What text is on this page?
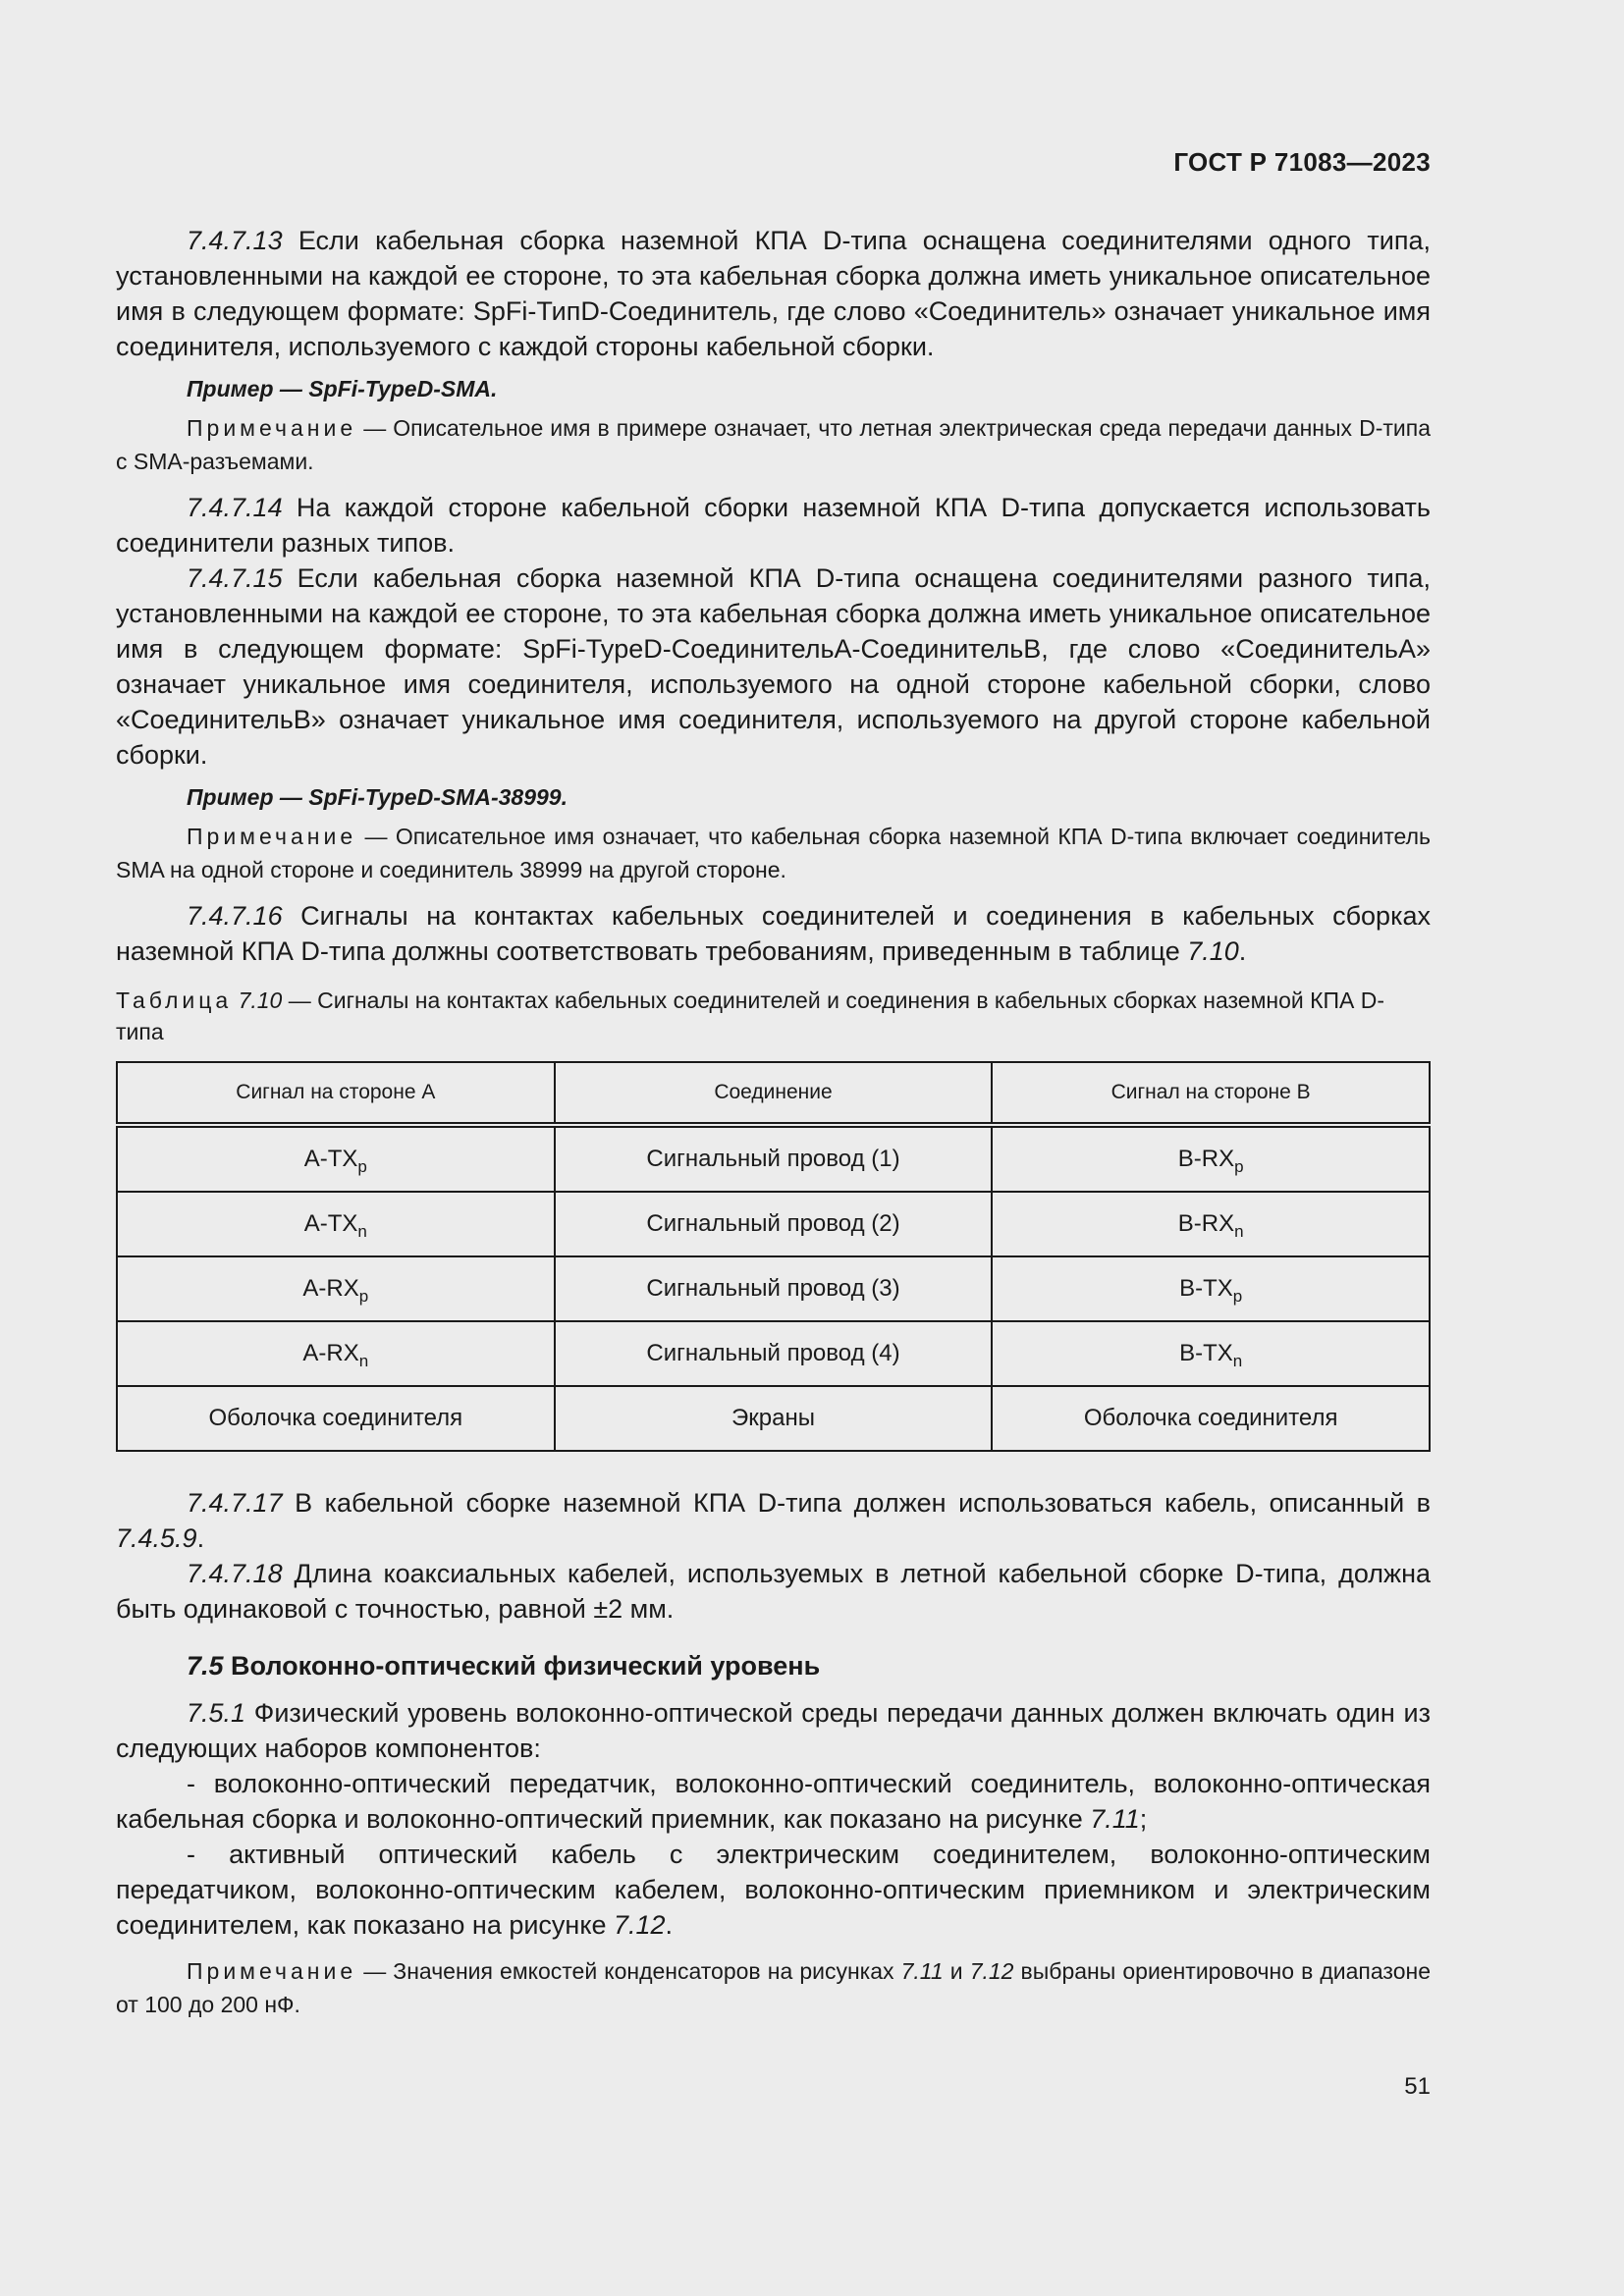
ГОСТ Р 71083—2023

7.4.7.13 Если кабельная сборка наземной КПА D-типа оснащена соединителями одного типа, установленными на каждой ее стороне, то эта кабельная сборка должна иметь уникальное описательное имя в следующем формате: SpFi-ТипD-Соединитель, где слово «Соединитель» означает уникальное имя соединителя, используемого с каждой стороны кабельной сборки.

Пример — SpFi-TypeD-SMA.

Примечание — Описательное имя в примере означает, что летная электрическая среда передачи данных D-типа с SMA-разъемами.

7.4.7.14 На каждой стороне кабельной сборки наземной КПА D-типа допускается использовать соединители разных типов.

7.4.7.15 Если кабельная сборка наземной КПА D-типа оснащена соединителями разного типа, установленными на каждой ее стороне, то эта кабельная сборка должна иметь уникальное описательное имя в следующем формате: SpFi-TypeD-СоединительА-СоединительВ, где слово «СоединительА» означает уникальное имя соединителя, используемого на одной стороне кабельной сборки, слово «СоединительВ» означает уникальное имя соединителя, используемого на другой стороне кабельной сборки.

Пример — SpFi-TypeD-SMA-38999.

Примечание — Описательное имя означает, что кабельная сборка наземной КПА D-типа включает соединитель SMA на одной стороне и соединитель 38999 на другой стороне.

7.4.7.16 Сигналы на контактах кабельных соединителей и соединения в кабельных сборках наземной КПА D-типа должны соответствовать требованиям, приведенным в таблице 7.10.

Таблица 7.10 — Сигналы на контактах кабельных соединителей и соединения в кабельных сборках наземной КПА D-типа

Сигнал на стороне А	Соединение	Сигнал на стороне В
$A-TX_p$	Сигнальный провод (1)	$B-RX_p$
$A-TX_n$	Сигнальный провод (2)	$B-RX_n$
$A-RX_p$	Сигнальный провод (3)	$B-TX_p$
$A-RX_n$	Сигнальный провод (4)	$B-TX_n$
Оболочка соединителя	Экраны	Оболочка соединителя

7.4.7.17 В кабельной сборке наземной КПА D-типа должен использоваться кабель, описанный в 7.4.5.9.

7.4.7.18 Длина коаксиальных кабелей, используемых в летной кабельной сборке D-типа, должна быть одинаковой с точностью, равной ±2 мм.

7.5 Волоконно-оптический физический уровень

7.5.1 Физический уровень волоконно-оптической среды передачи данных должен включать один из следующих наборов компонентов:

- волоконно-оптический передатчик, волоконно-оптический соединитель, волоконно-оптическая кабельная сборка и волоконно-оптический приемник, как показано на рисунке 7.11;

- активный оптический кабель с электрическим соединителем, волоконно-оптическим передатчиком, волоконно-оптическим кабелем, волоконно-оптическим приемником и электрическим соединителем, как показано на рисунке 7.12.

Примечание — Значения емкостей конденсаторов на рисунках 7.11 и 7.12 выбраны ориентировочно в диапазоне от 100 до 200 нФ.

51
